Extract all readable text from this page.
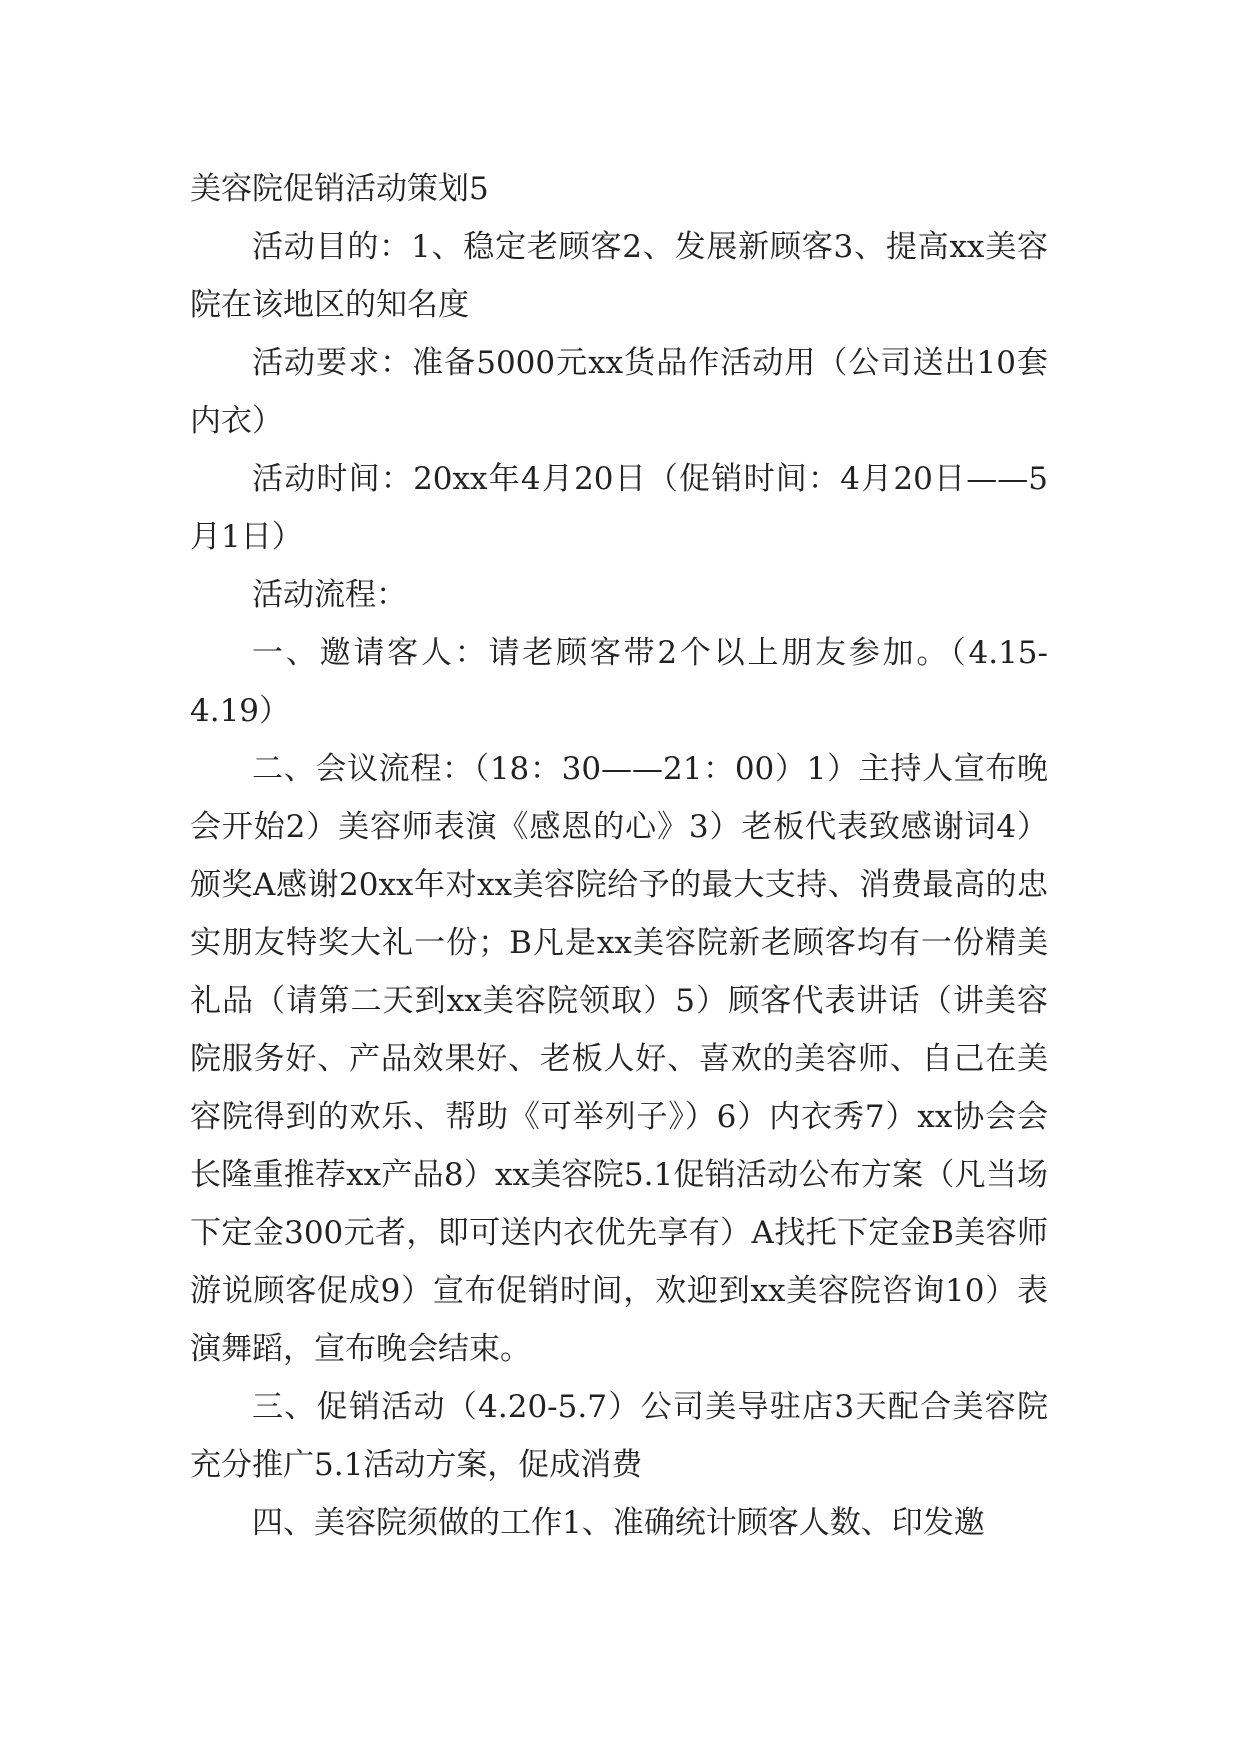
美容院促销活动策划5

活动目的：1、稳定老顾客2、发展新顾客3、提高xx美容院在该地区的知名度

活动要求：准备5000元xx货品作活动用（公司送出10套内衣）

活动时间：20xx年4月20日（促销时间：4月20日——5月1日）

活动流程：

一、邀请客人：请老顾客带2个以上朋友参加。（4.15-4.19）

二、会议流程：（18：30——21：00）1）主持人宣布晚会开始2）美容师表演《感恩的心》3）老板代表致感谢词4）颁奖A感谢20xx年对xx美容院给予的最大支持、消费最高的忠实朋友特奖大礼一份；B凡是xx美容院新老顾客均有一份精美礼品（请第二天到xx美容院领取）5）顾客代表讲话（讲美容院服务好、产品效果好、老板人好、喜欢的美容师、自己在美容院得到的欢乐、帮助《可举列子》）6）内衣秀7）xx协会会长隆重推荐xx产品8）xx美容院5.1促销活动公布方案（凡当场下定金300元者，即可送内衣优先享有）A找托下定金B美容师游说顾客促成9）宣布促销时间，欢迎到xx美容院咨询10）表演舞蹈，宣布晚会结束。

三、促销活动（4.20-5.7）公司美导驻店3天配合美容院充分推广5.1活动方案，促成消费

四、美容院须做的工作1、准确统计顾客人数、印发邀
